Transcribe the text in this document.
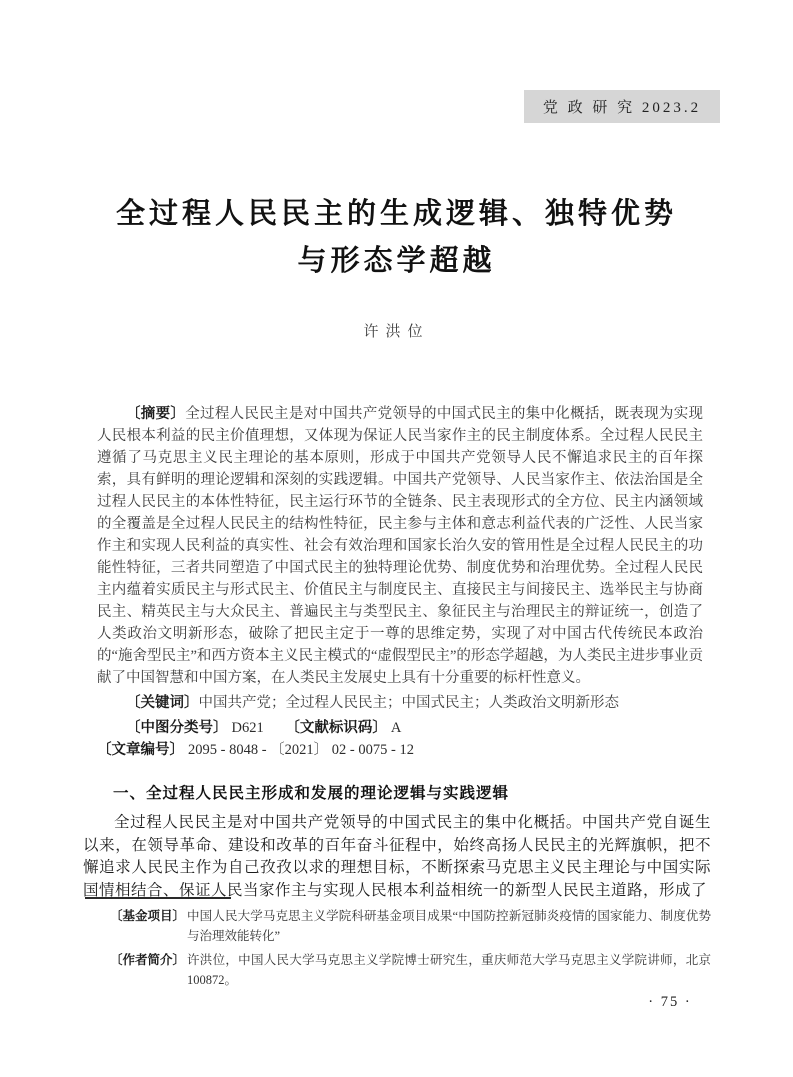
党 政 研 究 2023.2
全过程人民民主的生成逻辑、独特优势
与形态学超越
许洪位

〔摘要〕全过程人民民主是对中国共产党领导的中国式民主的集中化概括，既表现为实现人民根本利益的民主价值理想，又体现为保证人民当家作主的民主制度体系。全过程人民民主遵循了马克思主义民主理论的基本原则，形成于中国共产党领导人民不懈追求民主的百年探索，具有鲜明的理论逻辑和深刻的实践逻辑。中国共产党领导、人民当家作主、依法治国是全过程人民民主的本体性特征，民主运行环节的全链条、民主表现形式的全方位、民主内涵领域的全覆盖是全过程人民民主的结构性特征，民主参与主体和意志利益代表的广泛性、人民当家作主和实现人民利益的真实性、社会有效治理和国家长治久安的管用性是全过程人民民主的功能性特征，三者共同塑造了中国式民主的独特理论优势、制度优势和治理优势。全过程人民民主内蕴着实质民主与形式民主、价值民主与制度民主、直接民主与间接民主、选举民主与协商民主、精英民主与大众民主、普遍民主与类型民主、象征民主与治理民主的辩证统一，创造了人类政治文明新形态，破除了把民主定于一尊的思维定势，实现了对中国古代传统民本政治的“施舍型民主”和西方资本主义民主模式的“虚假型民主”的形态学超越，为人类民主进步事业贡献了中国智慧和中国方案，在人类民主发展史上具有十分重要的标杆性意义。

〔关键词〕中国共产党；全过程人民民主；中国式民主；人类政治文明新形态

〔中图分类号〕 D621 〔文献标识码〕 A 〔文章编号〕 2095 - 8048 - 〔2021〕 02 - 0075 - 12

一、全过程人民民主形成和发展的理论逻辑与实践逻辑

全过程人民民主是对中国共产党领导的中国式民主的集中化概括。中国共产党自诞生以来，在领导革命、建设和改革的百年奋斗征程中，始终高扬人民民主的光辉旗帜，把不懈追求人民民主作为自己孜孜以求的理想目标，不断探索马克思主义民主理论与中国实际国情相结合、保证人民当家作主与实现人民根本利益相统一的新型人民民主道路，形成了

〔基金项目〕 中国人民大学马克思主义学院科研基金项目成果“中国防控新冠肺炎疫情的国家能力、制度优势与治理效能转化”
〔作者简介〕 许洪位，中国人民大学马克思主义学院博士研究生，重庆师范大学马克思主义学院讲师，北京　100872。
· 75 ·
